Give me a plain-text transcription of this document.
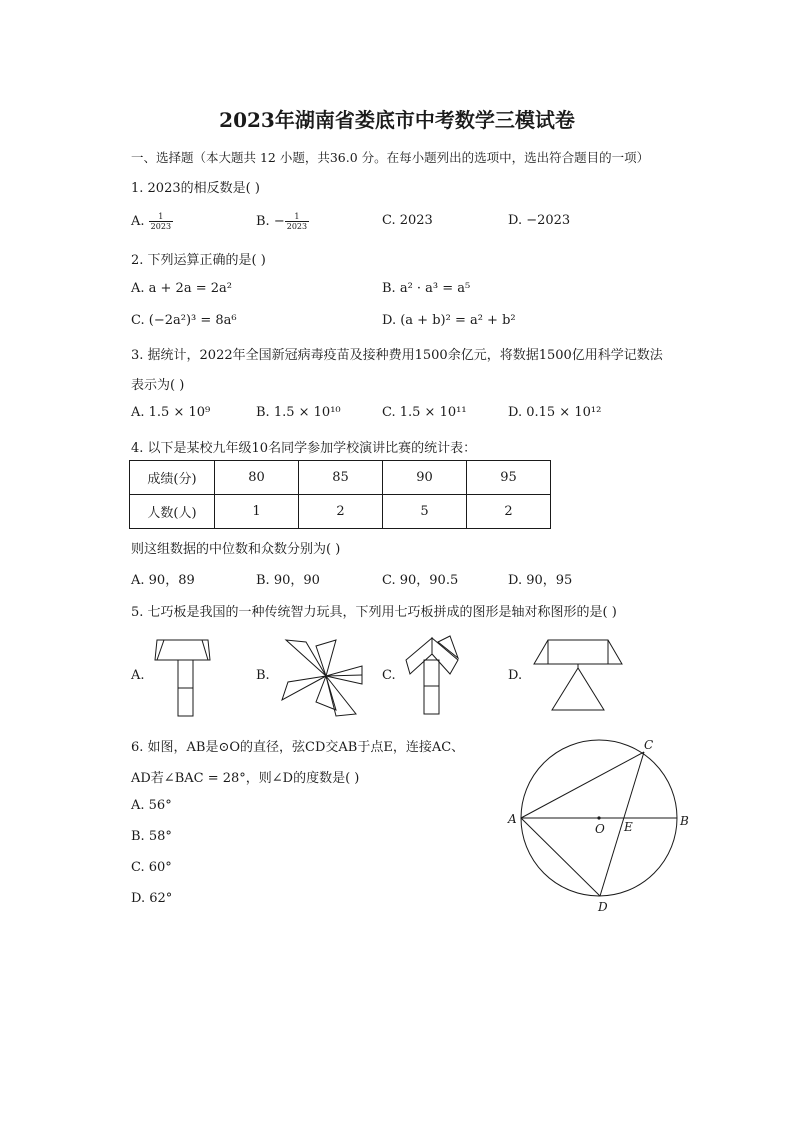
2023年湖南省娄底市中考数学三模试卷
一、选择题（本大题共 12 小题，共36.0 分。在每小题列出的选项中，选出符合题目的一项）
1. 2023的相反数是( )
A. $\frac{1}{2023}$	B. − $\frac{1}{2023}$	C. 2023	D. −2023
2. 下列运算正确的是( )
A. a + 2a = 2a²	B. a² · a³ = a⁵
C. (−2a²)³ = 8a⁶	D. (a + b)² = a² + b²
3. 据统计，2022年全国新冠病毒疫苗及接种费用1500余亿元，将数据1500亿用科学记数法
表示为( )
A. 1.5 × 10⁹	B. 1.5 × 10¹⁰	C. 1.5 × 10¹¹	D. 0.15 × 10¹²
4. 以下是某校九年级10名同学参加学校演讲比赛的统计表：
成绩(分)	80	85	90	95
人数(人)	1	2	5	2
则这组数据的中位数和众数分别为( )
A. 90，89	B. 90，90	C. 90，90.5	D. 90，95
5. 七巧板是我国的一种传统智力玩具，下列用七巧板拼成的图形是轴对称图形的是( )
A.	B.	C.	D.
6. 如图，AB是⊙O的直径，弦CD交AB于点E，连接AC、
AD若∠BAC = 28°，则∠D的度数是( )
A. 56°
B. 58°
C. 60°
D. 62°
A	B
C
D
O E
